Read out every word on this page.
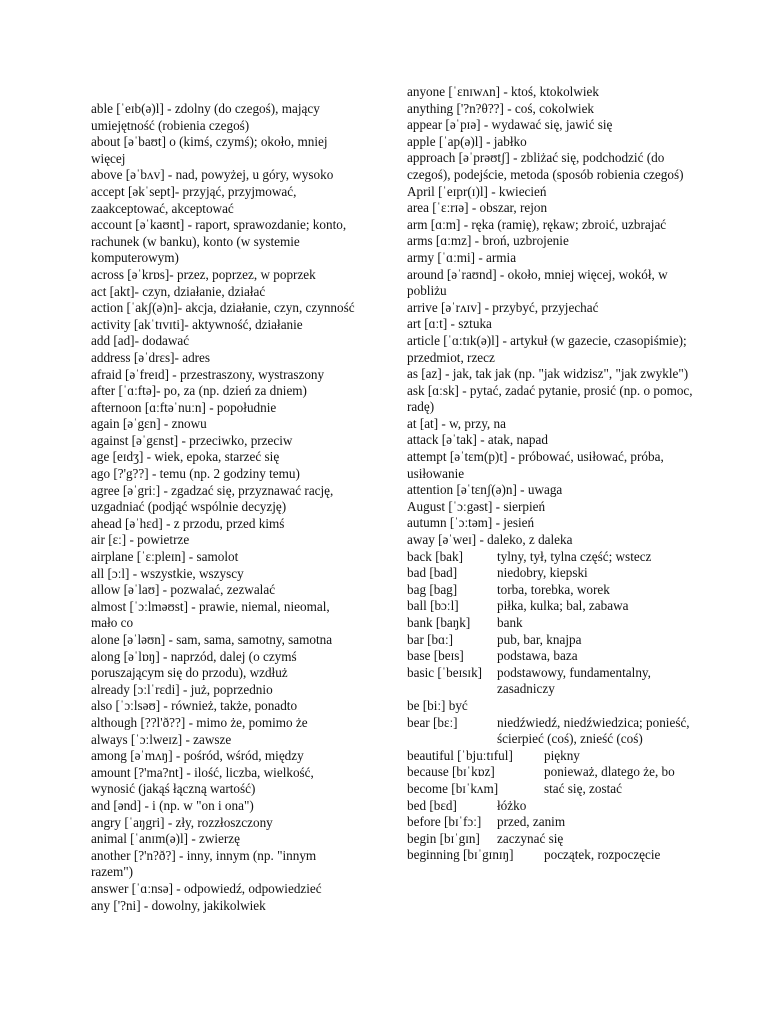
able [ˈeɪb(ə)l] - zdolny (do czegoś), mający umiejętność (robienia czegoś)
about [əˈbaʊt] o (kimś, czymś); około, mniej więcej
above [əˈbʌv] - nad, powyżej, u góry, wysoko
accept [əkˈsept]- przyjąć, przyjmować, zaakceptować, akceptować
account [əˈkaʊnt] - raport, sprawozdanie; konto, rachunek (w banku), konto (w systemie komputerowym)
across [əˈkrɒs]- przez, poprzez, w poprzek
act [akt]- czyn, działanie, działać
action [ˈakʃ(ə)n]- akcja, działanie, czyn, czynność
activity [akˈtɪvɪti]- aktywność, działanie
add [ad]- dodawać
address [əˈdrɛs]- adres
afraid [əˈfreɪd] - przestraszony, wystraszony
after [ˈɑːftə]- po, za (np. dzień za dniem)
afternoon [ɑːftəˈnuːn] - popołudnie
again [əˈgɛn] - znowu
against [əˈgɛnst] - przeciwko, przeciw
age [eɪdʒ] - wiek, epoka, starzeć się
ago [?'g??] - temu (np. 2 godziny temu)
agree [əˈgriː] - zgadzać się, przyznawać rację, uzgadniać (podjąć wspólnie decyzję)
ahead [əˈhɛd] - z przodu, przed kimś
air [ɛː] - powietrze
airplane [ˈɛːpleɪn] - samolot
all [ɔːl] - wszystkie, wszyscy
allow [əˈlaʊ] - pozwalać, zezwalać
almost [ˈɔːlməʊst] - prawie, niemal, nieomal, mało co
alone [əˈləʊn] - sam, sama, samotny, samotna
along [əˈlɒŋ] - naprzód, dalej (o czymś poruszającym się do przodu), wzdłuż
already [ɔːlˈrɛdi] - już, poprzednio
also [ˈɔːlsəʊ] - również, także, ponadto
although [??l'ð??] - mimo że, pomimo że
always [ˈɔːlweɪz] - zawsze
among [əˈmʌŋ] - pośród, wśród, między
amount [?'ma?nt] - ilość, liczba, wielkość, wynosić (jakąś łączną wartość)
and [ənd] - i (np. w "on i ona")
angry [ˈaŋgri] - zły, rozzłoszczony
animal [ˈanɪm(ə)l] - zwierzę
another [?'n?ð?] - inny, innym (np. "innym razem")
answer [ˈɑːnsə] - odpowiedź, odpowiedzieć
any ['?ni] - dowolny, jakikolwiek
anyone [ˈɛnɪwʌn] - ktoś, ktokolwiek
anything ['?n?θ??] - coś, cokolwiek
appear [əˈpɪə] - wydawać się, jawić się
apple [ˈap(ə)l] - jabłko
approach [əˈprəʊtʃ] - zbliżać się, podchodzić (do czegoś), podejście, metoda (sposób robienia czegoś)
April [ˈeɪpr(ɪ)l] - kwiecień
area [ˈɛːrɪə] - obszar, rejon
arm [ɑːm] - ręka (ramię), rękaw; zbroić, uzbrajać
arms [ɑːmz] - broń, uzbrojenie
army [ˈɑːmi] - armia
around [əˈraʊnd] - około, mniej więcej, wokół, w pobliżu
arrive [əˈrʌɪv] - przybyć, przyjechać
art [ɑːt] - sztuka
article [ˈɑːtɪk(ə)l] - artykuł (w gazecie, czasopiśmie); przedmiot, rzecz
as [az] - jak, tak jak (np. "jak widzisz", "jak zwykle")
ask [ɑːsk] - pytać, zadać pytanie, prosić (np. o pomoc, radę)
at [at] - w, przy, na
attack [əˈtak] - atak, napad
attempt [əˈtɛm(p)t] - próbować, usiłować, próba, usiłowanie
attention [əˈtɛnʃ(ə)n] - uwaga
August [ˈɔːgəst] - sierpień
autumn [ˈɔːtəm] - jesień
away [əˈweɪ] - daleko, z daleka
back [bak]	tylny, tył, tylna część; wstecz
bad [bad]	niedobry, kiepski
bag [bag]	torba, torebka, worek
ball [bɔːl]	piłka, kulka; bal, zabawa
bank [baŋk]	bank
bar [bɑː]	pub, bar, knajpa
base [beɪs]	podstawa, baza
basic [ˈbeɪsɪk]	podstawowy, fundamentalny, zasadniczy
be [biː] być
bear [bɛː]	niedźwiedź, niedźwiedzica; ponieść, ścierpieć (coś), znieść (coś)
beautiful [ˈbjuːtɪful]	piękny
because [bɪˈkɒz]	ponieważ, dlatego że, bo
become [bɪˈkʌm]	stać się, zostać
bed [bɛd]	łóżko
before [bɪˈfɔː]	przed, zanim
begin [bɪˈgɪn]	zaczynać się
beginning [bɪˈgɪnɪŋ]	początek, rozpoczęcie
